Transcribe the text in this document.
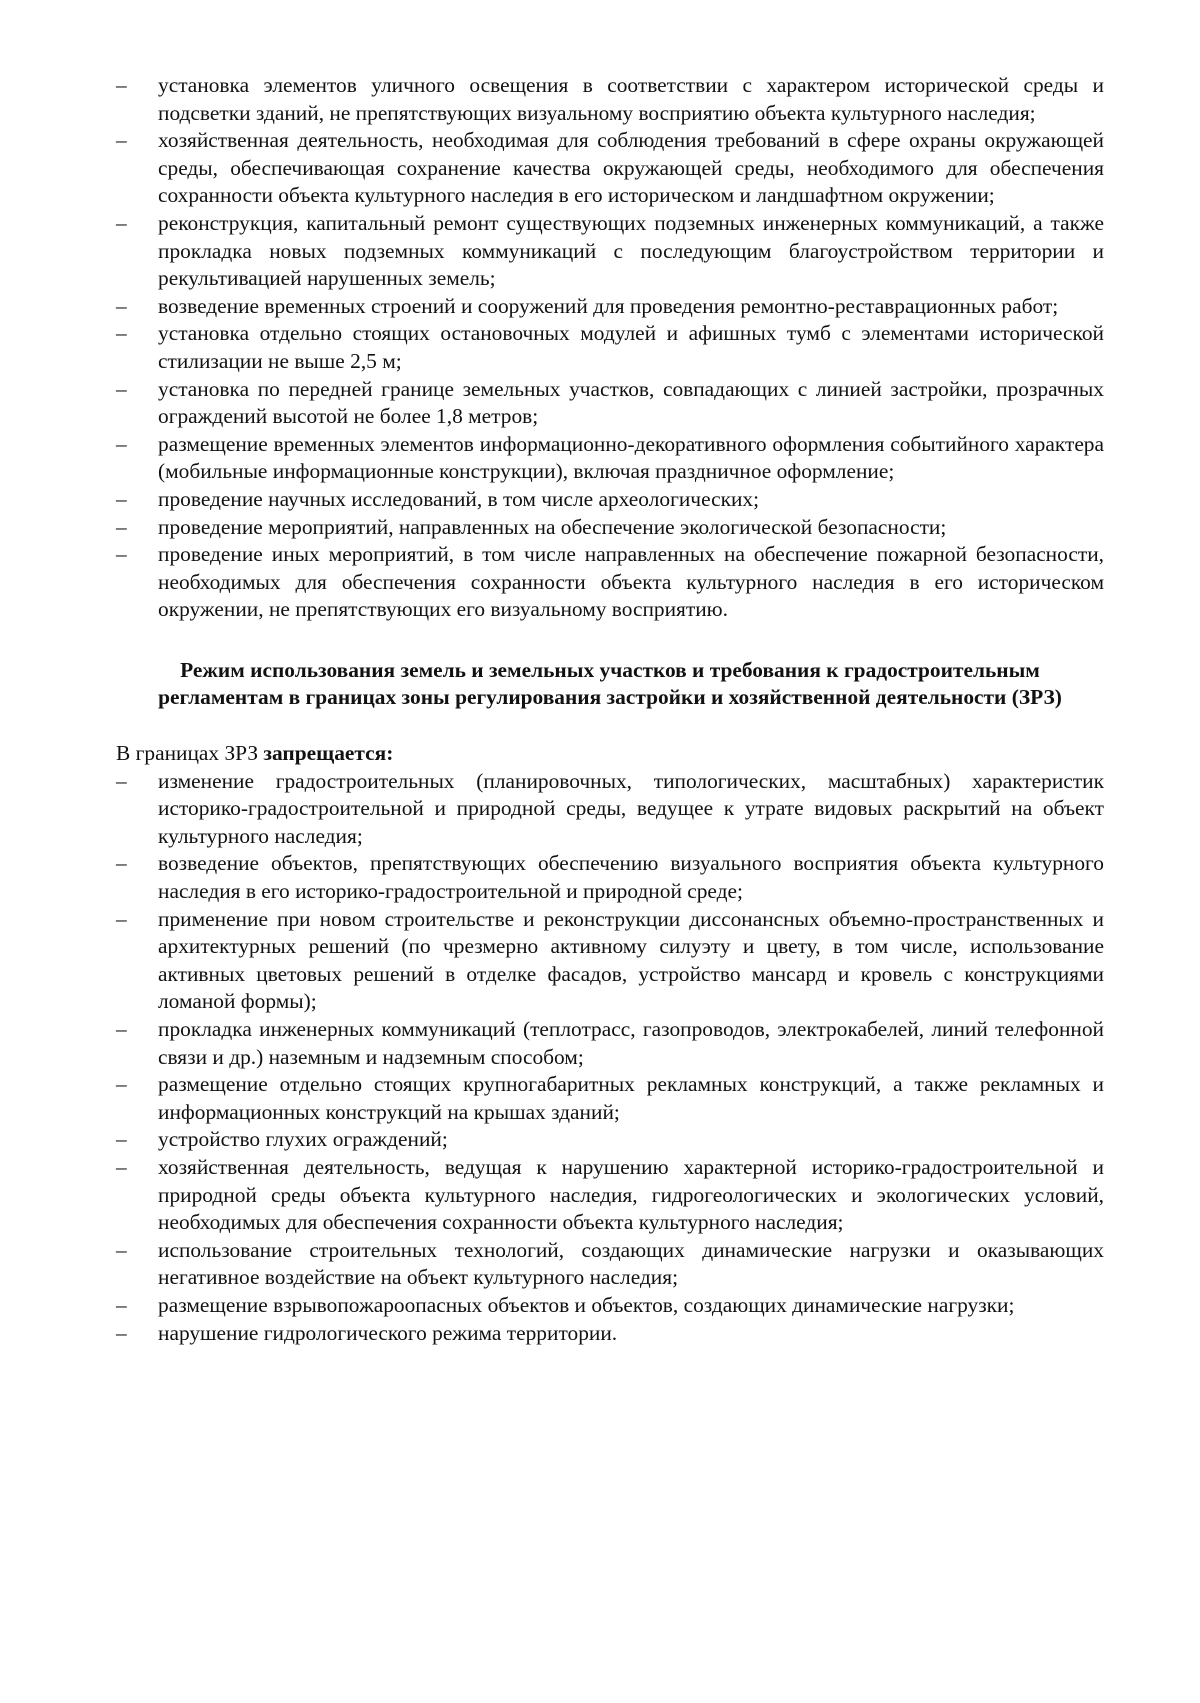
–	установка элементов уличного освещения в соответствии с характером исторической среды и подсветки зданий, не препятствующих визуальному восприятию объекта культурного наследия;
–	хозяйственная деятельность, необходимая для соблюдения требований в сфере охраны окружающей среды, обеспечивающая сохранение качества окружающей среды, необходимого для обеспечения сохранности объекта культурного наследия в его историческом и ландшафтном окружении;
–	реконструкция, капитальный ремонт существующих подземных инженерных коммуникаций, а также прокладка новых подземных коммуникаций с последующим благоустройством территории и рекультивацией нарушенных земель;
–	возведение временных строений и сооружений для проведения ремонтно-реставрационных работ;
–	установка отдельно стоящих остановочных модулей и афишных тумб с элементами исторической стилизации не выше 2,5 м;
–	установка по передней границе земельных участков, совпадающих с линией застройки, прозрачных ограждений высотой не более 1,8 метров;
–	размещение временных элементов информационно-декоративного оформления событийного характера (мобильные информационные конструкции), включая праздничное оформление;
–	проведение научных исследований, в том числе археологических;
–	проведение мероприятий, направленных на обеспечение экологической безопасности;
–	проведение иных мероприятий, в том числе направленных на обеспечение пожарной безопасности, необходимых для обеспечения сохранности объекта культурного наследия в его историческом окружении, не препятствующих его визуальному восприятию.
Режим использования земель и земельных участков и требования к градостроительным регламентам в границах зоны регулирования застройки и хозяйственной деятельности (ЗРЗ)

В границах ЗРЗ запрещается:

–	изменение градостроительных (планировочных, типологических, масштабных) характеристик историко-градостроительной и природной среды, ведущее к утрате видовых раскрытий на объект культурного наследия;
–	возведение объектов, препятствующих обеспечению визуального восприятия объекта культурного наследия в его историко-градостроительной и природной среде;
–	применение при новом строительстве и реконструкции диссонансных объемно-пространственных и архитектурных решений (по чрезмерно активному силуэту и цвету, в том числе, использование активных цветовых решений в отделке фасадов, устройство мансард и кровель с конструкциями ломаной формы);
–	прокладка инженерных коммуникаций (теплотрасс, газопроводов, электрокабелей, линий телефонной связи и др.) наземным и надземным способом;
–	размещение отдельно стоящих крупногабаритных рекламных конструкций, а также рекламных и информационных конструкций на крышах зданий;
–	устройство глухих ограждений;
–	хозяйственная деятельность, ведущая к нарушению характерной историко-градостроительной и природной среды объекта культурного наследия, гидрогеологических и экологических условий, необходимых для обеспечения сохранности объекта культурного наследия;
–	использование строительных технологий, создающих динамические нагрузки и оказывающих негативное воздействие на объект культурного наследия;
–	размещение взрывопожароопасных объектов и объектов, создающих динамические нагрузки;
–	нарушение гидрологического режима территории.
